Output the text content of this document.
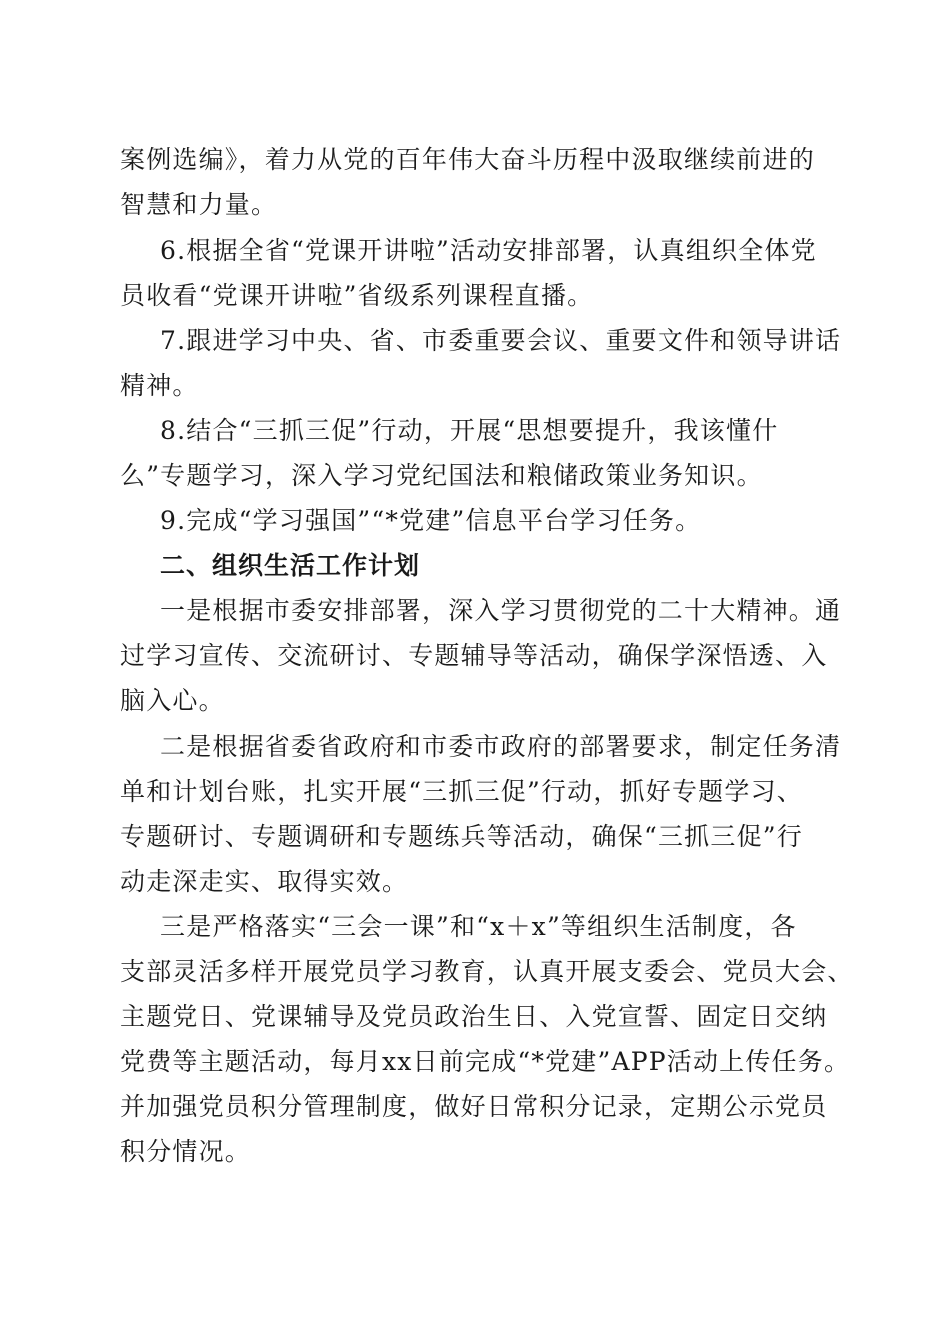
案例选编》，着力从党的百年伟大奋斗历程中汲取继续前进的
智慧和力量。
6.根据全省“党课开讲啦”活动安排部署，认真组织全体党
员收看“党课开讲啦”省级系列课程直播。
7.跟进学习中央、省、市委重要会议、重要文件和领导讲话
精神。
8.结合“三抓三促”行动，开展“思想要提升，我该懂什
么”专题学习，深入学习党纪国法和粮储政策业务知识。
9.完成“学习强国”“*党建”信息平台学习任务。
二、组织生活工作计划
一是根据市委安排部署，深入学习贯彻党的二十大精神。通
过学习宣传、交流研讨、专题辅导等活动，确保学深悟透、入
脑入心。
二是根据省委省政府和市委市政府的部署要求，制定任务清
单和计划台账，扎实开展“三抓三促”行动，抓好专题学习、
专题研讨、专题调研和专题练兵等活动，确保“三抓三促”行
动走深走实、取得实效。
三是严格落实“三会一课”和“x＋x”等组织生活制度，各
支部灵活多样开展党员学习教育，认真开展支委会、党员大会、
主题党日、党课辅导及党员政治生日、入党宣誓、固定日交纳
党费等主题活动，每月xx日前完成“*党建”APP活动上传任务。
并加强党员积分管理制度，做好日常积分记录，定期公示党员
积分情况。
